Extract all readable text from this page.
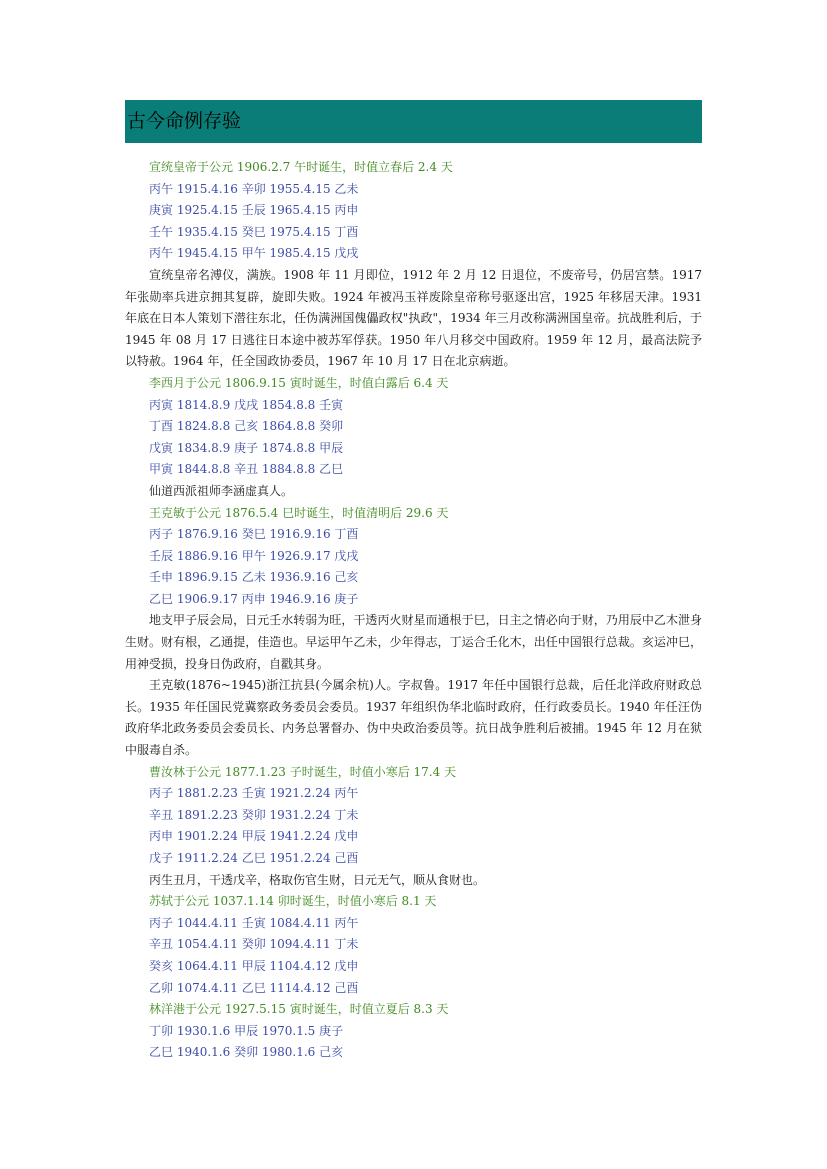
古今命例存验
宣统皇帝于公元 1906.2.7 午时诞生，时值立春后 2.4 天
丙午 1915.4.16 辛卯 1955.4.15 乙未
庚寅 1925.4.15 壬辰 1965.4.15 丙申
壬午 1935.4.15 癸巳 1975.4.15 丁酉
丙午 1945.4.15 甲午 1985.4.15 戊戌
宣统皇帝名溥仪，满族。1908 年 11 月即位，1912 年 2 月 12 日退位，不废帝号，仍居宫禁。1917 年张勋率兵进京拥其复辟，旋即失败。1924 年被冯玉祥废除皇帝称号驱逐出宫，1925 年移居天津。1931 年底在日本人策划下潜往东北，任伪满洲国傀儡政权"执政"，1934 年三月改称满洲国皇帝。抗战胜利后，于 1945 年 08 月 17 日逃往日本途中被苏军俘获。1950 年八月移交中国政府。1959 年 12 月，最高法院予以特赦。1964 年，任全国政协委员，1967 年 10 月 17 日在北京病逝。
李西月于公元 1806.9.15 寅时诞生，时值白露后 6.4 天
丙寅 1814.8.9 戊戌 1854.8.8 壬寅
丁酉 1824.8.8 己亥 1864.8.8 癸卯
戊寅 1834.8.9 庚子 1874.8.8 甲辰
甲寅 1844.8.8 辛丑 1884.8.8 乙巳
仙道西派祖师李涵虚真人。
王克敏于公元 1876.5.4 巳时诞生，时值清明后 29.6 天
丙子 1876.9.16 癸巳 1916.9.16 丁酉
壬辰 1886.9.16 甲午 1926.9.17 戊戌
壬申 1896.9.15 乙未 1936.9.16 己亥
乙巳 1906.9.17 丙申 1946.9.16 庚子
地支甲子辰会局，日元壬水转弱为旺，干透丙火财星而通根于巳，日主之情必向于财，乃用辰中乙木泄身生财。财有根，乙通提，佳造也。早运甲午乙未，少年得志，丁运合壬化木，出任中国银行总裁。亥运冲巳，用神受损，投身日伪政府，自戳其身。
王克敏(1876~1945)浙江抗县(今属余杭)人。字叔鲁。1917 年任中国银行总裁，后任北洋政府财政总长。1935 年任国民党冀察政务委员会委员。1937 年组织伪华北临时政府，任行政委员长。1940 年任汪伪政府华北政务委员会委员长、内务总署督办、伪中央政治委员等。抗日战争胜利后被捕。1945 年 12 月在狱中服毒自杀。
曹汝林于公元 1877.1.23 子时诞生，时值小寒后 17.4 天
丙子 1881.2.23 壬寅 1921.2.24 丙午
辛丑 1891.2.23 癸卯 1931.2.24 丁未
丙申 1901.2.24 甲辰 1941.2.24 戊申
戊子 1911.2.24 乙巳 1951.2.24 己酉
丙生丑月，干透戊辛，格取伤官生财，日元无气，顺从食财也。
苏轼于公元 1037.1.14 卯时诞生，时值小寒后 8.1 天
丙子 1044.4.11 壬寅 1084.4.11 丙午
辛丑 1054.4.11 癸卯 1094.4.11 丁未
癸亥 1064.4.11 甲辰 1104.4.12 戊申
乙卯 1074.4.11 乙巳 1114.4.12 己酉
林洋港于公元 1927.5.15 寅时诞生，时值立夏后 8.3 天
丁卯 1930.1.6 甲辰 1970.1.5 庚子
乙巳 1940.1.6 癸卯 1980.1.6 己亥
